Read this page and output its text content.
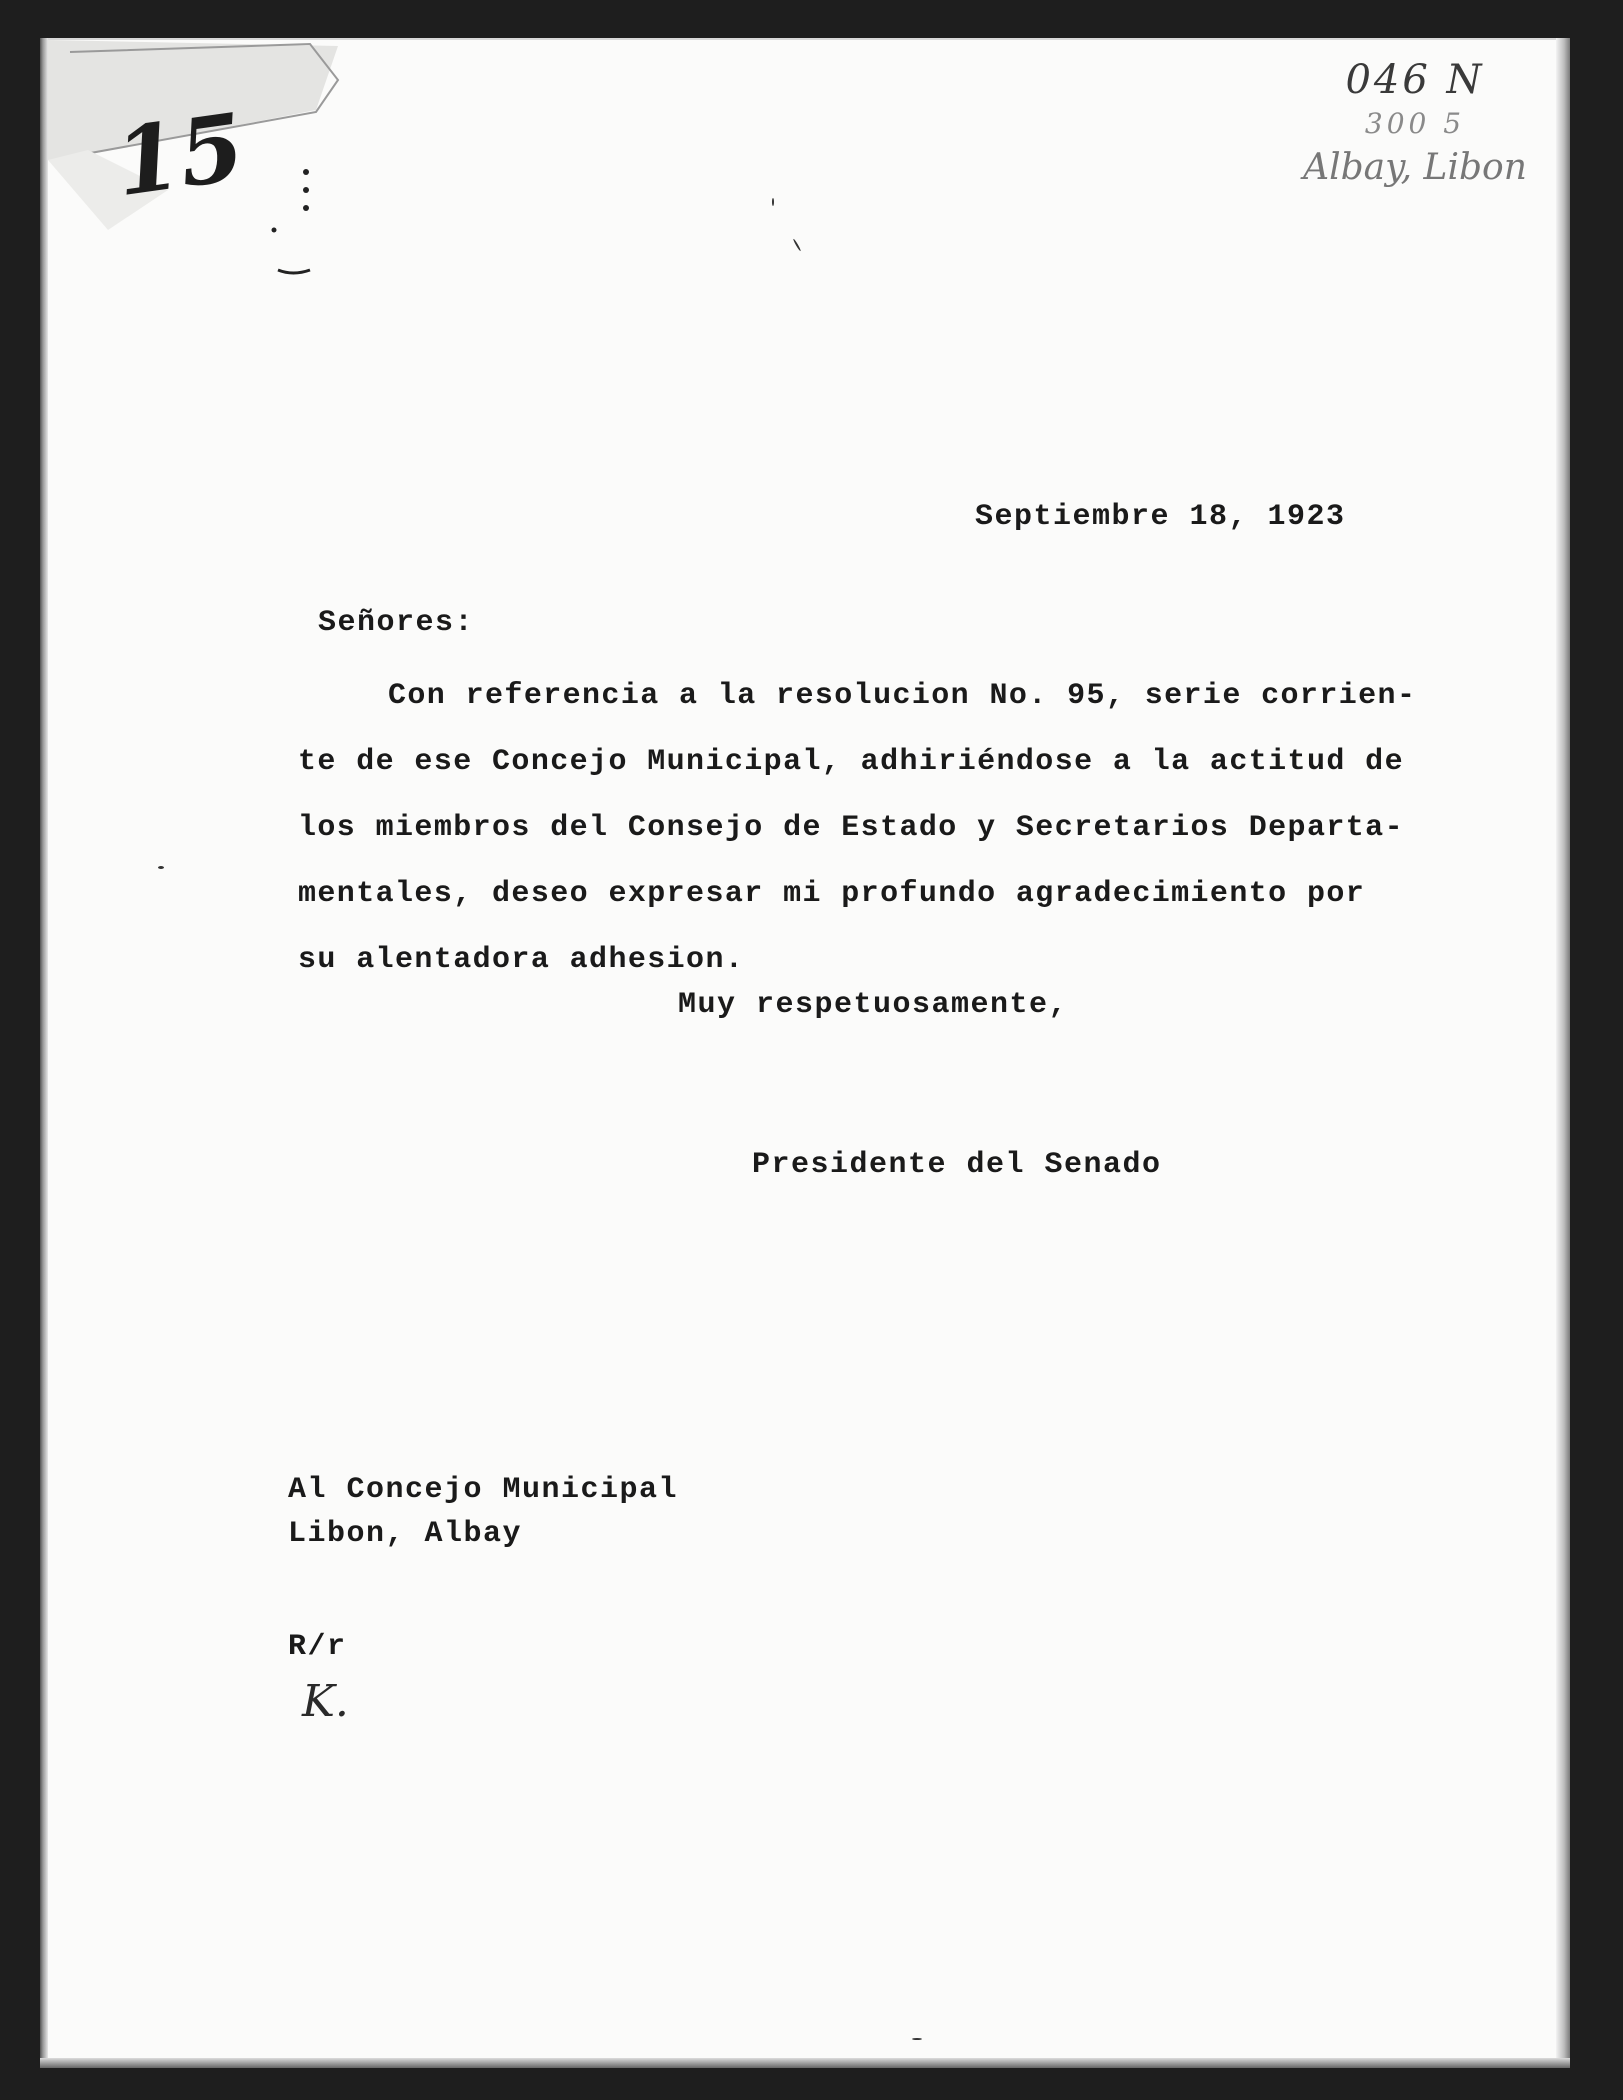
15
046 N
300 5
Albay, Libon
Septiembre 18, 1923
Señores:
Con referencia a la resolucion No. 95, serie corrien-
te de ese Concejo Municipal, adhiriéndose a la actitud de
los miembros del Consejo de Estado y Secretarios Departa-
mentales, deseo expresar mi profundo agradecimiento por
su alentadora adhesion.
Muy respetuosamente,
Presidente del Senado
Al Concejo Municipal
Libon, Albay
R/r
K.
